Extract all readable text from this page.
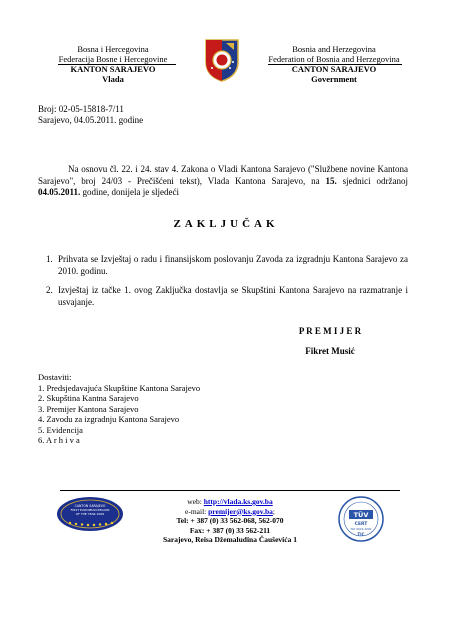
Bosna i Hercegovina
Federacija Bosne i Hercegovine
KANTON SARAJEVO
Vlada
Bosnia and Herzegovina
Federation of Bosnia and Herzegovina
CANTON SARAJEVO
Government
Broj: 02-05-15818-7/11
Sarajevo, 04.05.2011. godine
Na osnovu čl. 22. i 24. stav 4. Zakona o Vladi Kantona Sarajevo ("Službene novine Kantona Sarajevo", broj 24/03 - Prečišćeni tekst), Vlada Kantona Sarajevo, na 15. sjednici održanoj 04.05.2011. godine, donijela je sljedeći
ZAKLJUČAK
1. Prihvata se Izvještaj o radu i finansijskom poslovanju Zavoda za izgradnju Kantona Sarajevo za 2010. godinu.
2. Izvještaj iz tačke 1. ovog Zaključka dostavlja se Skupštini Kantona Sarajevo na razmatranje i usvajanje.
P R E M I J E R
Fikret Musić
Dostaviti:
1. Predsjedavajuća Skupštine Kantona Sarajevo
2. Skupština Kantna Sarajevo
3. Premijer Kantona Sarajevo
4. Zavodu za izgradnju Kantona Sarajevo
5. Evidencija
6. A r h i v a
CANTON SARAJEVO
FIRST EUROPEAN REGION
OF THE YEAR 2006
web: http://vlada.ks.gov.ba
e-mail: premijer@ks.gov.ba;
Tel: + 387 (0) 33 562-068, 562-070
Fax: + 387 (0) 33 562-211
Sarajevo, Reisa Džemaludina Čauševića 1
TÜV
CERT
ISO 9001:2000
TIC
